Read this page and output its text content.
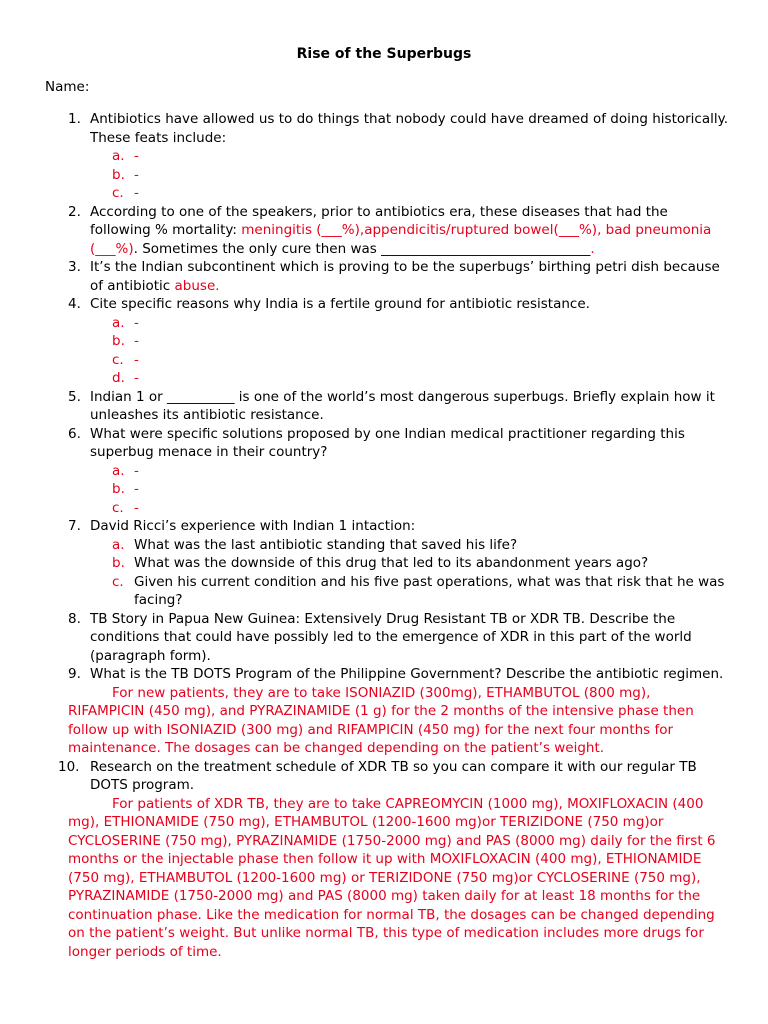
Rise of the Superbugs
Name:
1. Antibiotics have allowed us to do things that nobody could have dreamed of doing historically. These feats include:
a. -
b. -
c. -
2. According to one of the speakers, prior to antibiotics era, these diseases that had the following % mortality: meningitis (___%),appendicitis/ruptured bowel(___%), bad pneumonia (___%). Sometimes the only cure then was _______________________________.
3. It’s the Indian subcontinent which is proving to be the superbugs’ birthing petri dish because of antibiotic abuse.
4. Cite specific reasons why India is a fertile ground for antibiotic resistance.
a. -
b. -
c. -
d. -
5. Indian 1 or __________ is one of the world’s most dangerous superbugs. Briefly explain how it unleashes its antibiotic resistance.
6. What were specific solutions proposed by one Indian medical practitioner regarding this superbug menace in their country?
a. -
b. -
c. -
7. David Ricci’s experience with Indian 1 intaction:
a. What was the last antibiotic standing that saved his life?
b. What was the downside of this drug that led to its abandonment years ago?
c. Given his current condition and his five past operations, what was that risk that he was facing?
8. TB Story in Papua New Guinea: Extensively Drug Resistant TB or XDR TB. Describe the conditions that could have possibly led to the emergence of XDR in this part of the world (paragraph form).
9. What is the TB DOTS Program of the Philippine Government? Describe the antibiotic regimen.
For new patients, they are to take ISONIAZID (300mg), ETHAMBUTOL (800 mg), RIFAMPICIN (450 mg), and PYRAZINAMIDE (1 g) for the 2 months of the intensive phase then follow up with ISONIAZID (300 mg) and RIFAMPICIN (450 mg) for the next four months for maintenance. The dosages can be changed depending on the patient’s weight.
10. Research on the treatment schedule of XDR TB so you can compare it with our regular TB DOTS program.
For patients of XDR TB, they are to take CAPREOMYCIN (1000 mg), MOXIFLOXACIN (400 mg), ETHIONAMIDE (750 mg), ETHAMBUTOL (1200-1600 mg)or TERIZIDONE (750 mg)or CYCLOSERINE (750 mg), PYRAZINAMIDE (1750-2000 mg) and PAS (8000 mg) daily for the first 6 months or the injectable phase then follow it up with MOXIFLOXACIN (400 mg), ETHIONAMIDE (750 mg), ETHAMBUTOL (1200-1600 mg) or TERIZIDONE (750 mg)or CYCLOSERINE (750 mg), PYRAZINAMIDE (1750-2000 mg) and PAS (8000 mg) taken daily for at least 18 months for the continuation phase. Like the medication for normal TB, the dosages can be changed depending on the patient’s weight. But unlike normal TB, this type of medication includes more drugs for longer periods of time.
